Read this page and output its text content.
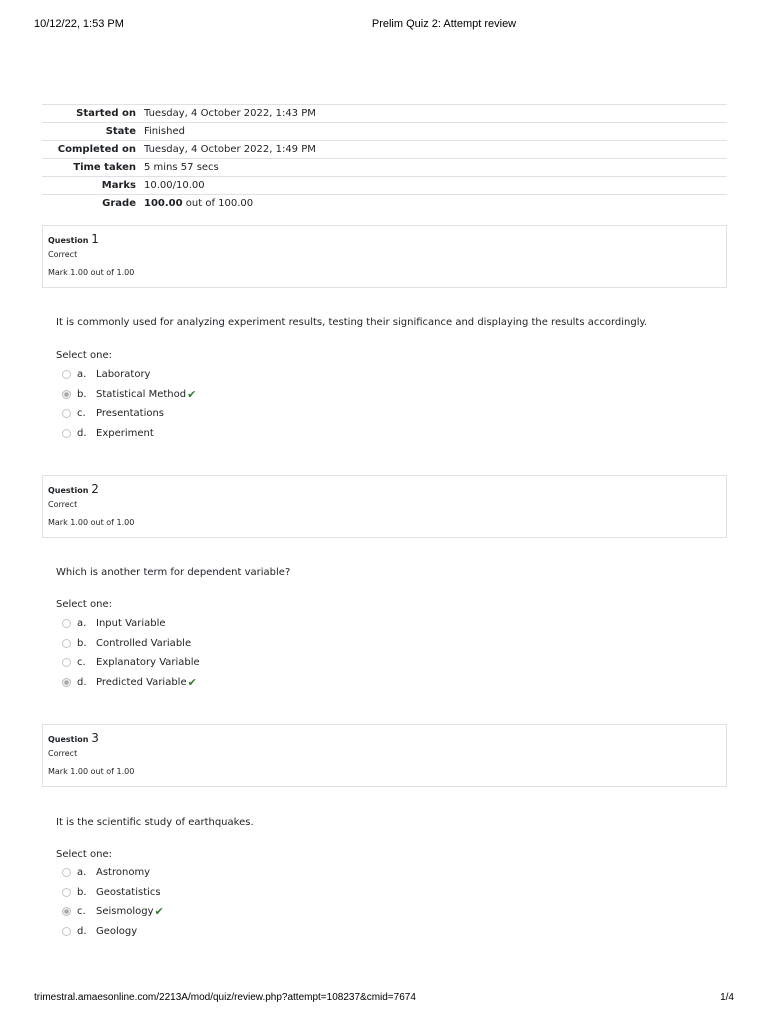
10/12/22, 1:53 PM	Prelim Quiz 2: Attempt review
Started on	Tuesday, 4 October 2022, 1:43 PM
State	Finished
Completed on	Tuesday, 4 October 2022, 1:49 PM
Time taken	5 mins 57 secs
Marks	10.00/10.00
Grade	100.00 out of 100.00
Question 1
Correct
Mark 1.00 out of 1.00
It is commonly used for analyzing experiment results, testing their significance and displaying the results accordingly.
Select one:
a. Laboratory
b. Statistical Method ✔
c.	Presentations
d. Experiment
Question 2
Correct
Mark 1.00 out of 1.00
Which is another term for dependent variable?
Select one:
a. Input Variable
b. Controlled Variable
c.	Explanatory Variable
d. Predicted Variable ✔
Question 3
Correct
Mark 1.00 out of 1.00
It is the scientific study of earthquakes.
Select one:
a. Astronomy
b. Geostatistics
c.	Seismology ✔
d. Geology
trimestral.amaesonline.com/2213A/mod/quiz/review.php?attempt=108237&cmid=7674	1/4
